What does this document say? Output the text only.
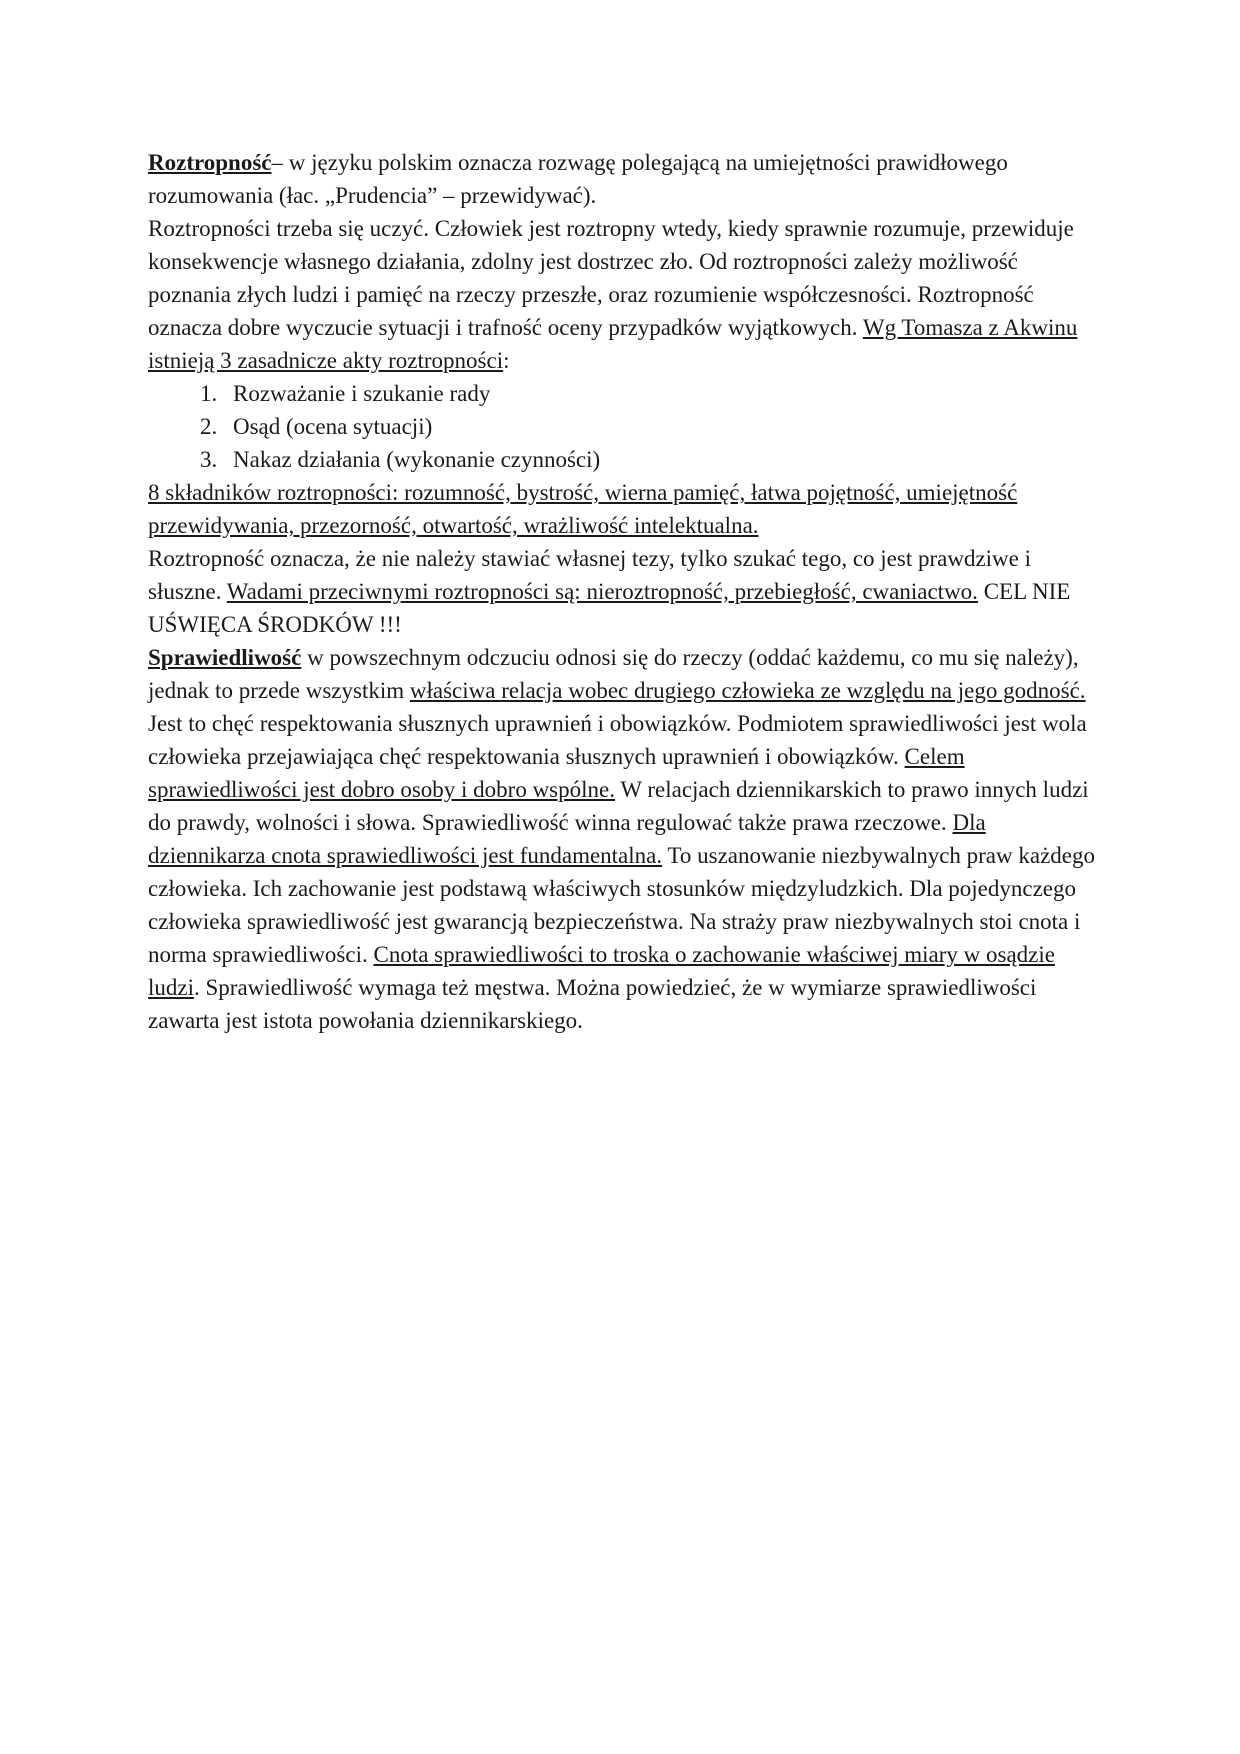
Roztropność– w języku polskim oznacza rozwagę polegającą na umiejętności prawidłowego rozumowania (łac. „Prudencia” – przewidywać).

Roztropności trzeba się uczyć. Człowiek jest roztropny wtedy, kiedy sprawnie rozumuje, przewiduje konsekwencje własnego działania, zdolny jest dostrzec zło. Od roztropności zależy możliwość poznania złych ludzi i pamięć na rzeczy przeszłe, oraz rozumienie współczesności. Roztropność oznacza dobre wyczucie sytuacji i trafność oceny przypadków wyjątkowych. Wg Tomasza z Akwinu istnieją 3 zasadnicze akty roztropności:

1. Rozważanie i szukanie rady
2. Osąd (ocena sytuacji)
3. Nakaz działania (wykonanie czynności)

8 składników roztropności: rozumność, bystrość, wierna pamięć, łatwa pojętność, umiejętność przewidywania, przezorność, otwartość, wrażliwość intelektualna.

Roztropność oznacza, że nie należy stawiać własnej tezy, tylko szukać tego, co jest prawdziwe i słuszne. Wadami przeciwnymi roztropności są: nieroztropność, przebiegłość, cwaniactwo. CEL NIE UŚWIĘCA ŚRODKÓW !!!

Sprawiedliwość w powszechnym odczuciu odnosi się do rzeczy (oddać każdemu, co mu się należy), jednak to przede wszystkim właściwa relacja wobec drugiego człowieka ze względu na jego godność. Jest to chęć respektowania słusznych uprawnień i obowiązków. Podmiotem sprawiedliwości jest wola człowieka przejawiająca chęć respektowania słusznych uprawnień i obowiązków. Celem sprawiedliwości jest dobro osoby i dobro wspólne. W relacjach dziennikarskich to prawo innych ludzi do prawdy, wolności i słowa. Sprawiedliwość winna regulować także prawa rzeczowe. Dla dziennikarza cnota sprawiedliwości jest fundamentalna. To uszanowanie niezbywalnych praw każdego człowieka. Ich zachowanie jest podstawą właściwych stosunków międzyludzkich. Dla pojedynczego człowieka sprawiedliwość jest gwarancją bezpieczeństwa. Na straży praw niezbywalnych stoi cnota i norma sprawiedliwości. Cnota sprawiedliwości to troska o zachowanie właściwej miary w osądzie ludzi. Sprawiedliwość wymaga też męstwa. Można powiedzieć, że w wymiarze sprawiedliwości zawarta jest istota powołania dziennikarskiego.
